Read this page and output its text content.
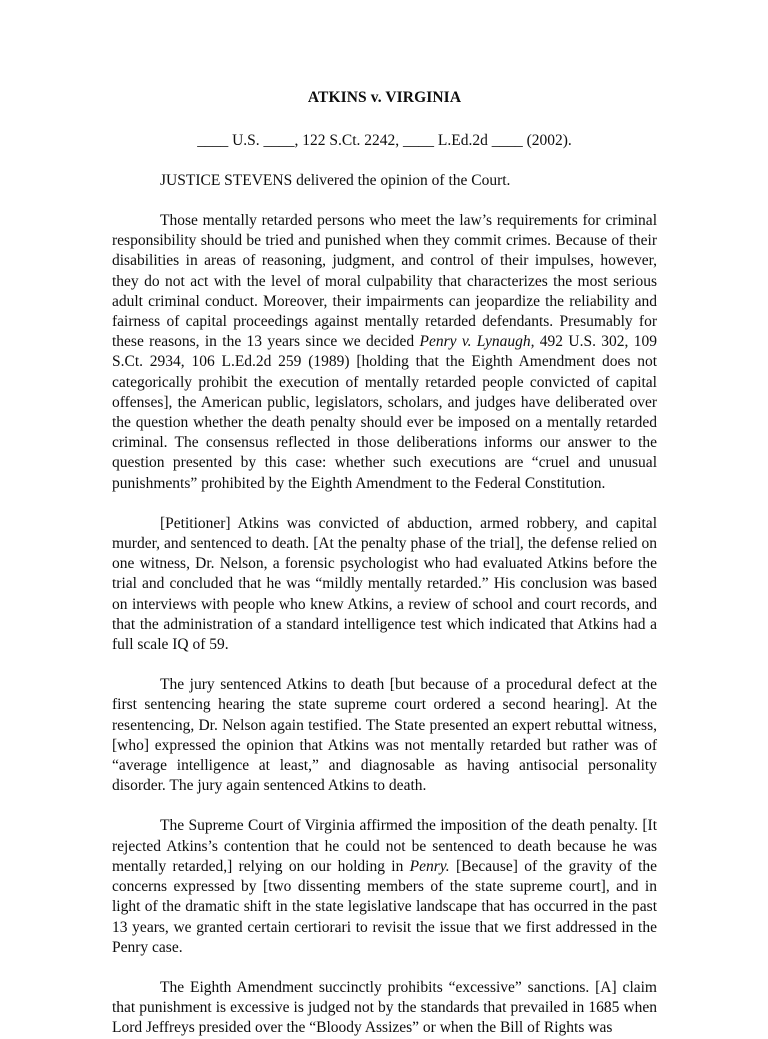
ATKINS v. VIRGINIA
____ U.S. ____, 122 S.Ct. 2242, ____ L.Ed.2d ____ (2002).
JUSTICE STEVENS delivered the opinion of the Court.

Those mentally retarded persons who meet the law’s requirements for criminal responsibility should be tried and punished when they commit crimes. Because of their disabilities in areas of reasoning, judgment, and control of their impulses, however, they do not act with the level of moral culpability that characterizes the most serious adult criminal conduct. Moreover, their impairments can jeopardize the reliability and fairness of capital proceedings against mentally retarded defendants. Presumably for these reasons, in the 13 years since we decided Penry v. Lynaugh, 492 U.S. 302, 109 S.Ct. 2934, 106 L.Ed.2d 259 (1989) [holding that the Eighth Amendment does not categorically prohibit the execution of mentally retarded people convicted of capital offenses], the American public, legislators, scholars, and judges have deliberated over the question whether the death penalty should ever be imposed on a mentally retarded criminal. The consensus reflected in those deliberations informs our answer to the question presented by this case: whether such executions are “cruel and unusual punishments” prohibited by the Eighth Amendment to the Federal Constitution.

[Petitioner] Atkins was convicted of abduction, armed robbery, and capital murder, and sentenced to death. [At the penalty phase of the trial], the defense relied on one witness, Dr. Nelson, a forensic psychologist who had evaluated Atkins before the trial and concluded that he was “mildly mentally retarded.” His conclusion was based on interviews with people who knew Atkins, a review of school and court records, and that the administration of a standard intelligence test which indicated that Atkins had a full scale IQ of 59.

The jury sentenced Atkins to death [but because of a procedural defect at the first sentencing hearing the state supreme court ordered a second hearing]. At the resentencing, Dr. Nelson again testified. The State presented an expert rebuttal witness, [who] expressed the opinion that Atkins was not mentally retarded but rather was of “average intelligence at least,” and diagnosable as having antisocial personality disorder. The jury again sentenced Atkins to death.

The Supreme Court of Virginia affirmed the imposition of the death penalty. [It rejected Atkins’s contention that he could not be sentenced to death because he was mentally retarded,] relying on our holding in Penry. [Because] of the gravity of the concerns expressed by [two dissenting members of the state supreme court], and in light of the dramatic shift in the state legislative landscape that has occurred in the past 13 years, we granted certain certiorari to revisit the issue that we first addressed in the Penry case.

The Eighth Amendment succinctly prohibits “excessive” sanctions. [A] claim that punishment is excessive is judged not by the standards that prevailed in 1685 when Lord Jeffreys presided over the “Bloody Assizes” or when the Bill of Rights was
